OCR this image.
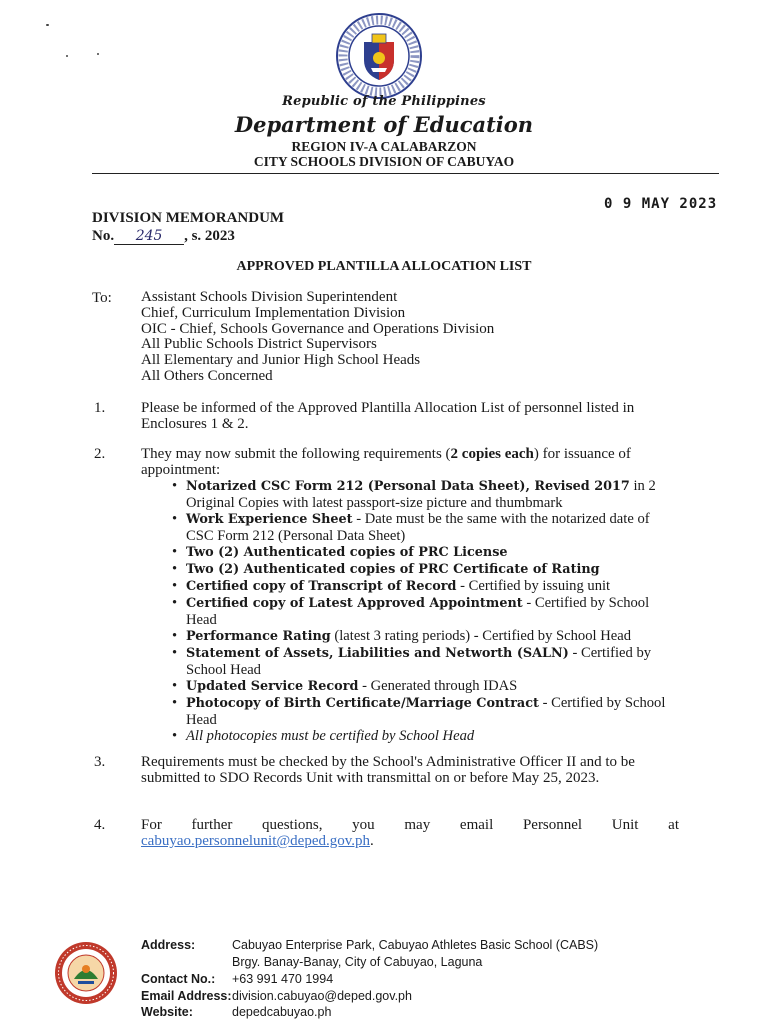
Republic of the Philippines
Department of Education
REGION IV-A CALABARZON
CITY SCHOOLS DIVISION OF CABUYAO
0 9 MAY 2023
DIVISION MEMORANDUM
No. 245 , s. 2023
APPROVED PLANTILLA ALLOCATION LIST
To: Assistant Schools Division Superintendent
Chief, Curriculum Implementation Division
OIC - Chief, Schools Governance and Operations Division
All Public Schools District Supervisors
All Elementary and Junior High School Heads
All Others Concerned
1. Please be informed of the Approved Plantilla Allocation List of personnel listed in Enclosures 1 & 2.
2. They may now submit the following requirements (2 copies each) for issuance of appointment:
• Notarized CSC Form 212 (Personal Data Sheet), Revised 2017 in 2 Original Copies with latest passport-size picture and thumbmark
• Work Experience Sheet - Date must be the same with the notarized date of CSC Form 212 (Personal Data Sheet)
• Two (2) Authenticated copies of PRC License
• Two (2) Authenticated copies of PRC Certificate of Rating
• Certified copy of Transcript of Record - Certified by issuing unit
• Certified copy of Latest Approved Appointment - Certified by School Head
• Performance Rating (latest 3 rating periods) - Certified by School Head
• Statement of Assets, Liabilities and Networth (SALN) - Certified by School Head
• Updated Service Record - Generated through IDAS
• Photocopy of Birth Certificate/Marriage Contract - Certified by School Head
• All photocopies must be certified by School Head
3. Requirements must be checked by the School's Administrative Officer II and to be submitted to SDO Records Unit with transmittal on or before May 25, 2023.
4. For further questions, you may email Personnel Unit at
cabuyao.personnelunit@deped.gov.ph.
Address:	Cabuyao Enterprise Park, Cabuyao Athletes Basic School (CABS)
Brgy. Banay-Banay, City of Cabuyao, Laguna
Contact No.: +63 991 470 1994
Email Address: division.cabuyao@deped.gov.ph
Website:	depedcabuyao.ph
